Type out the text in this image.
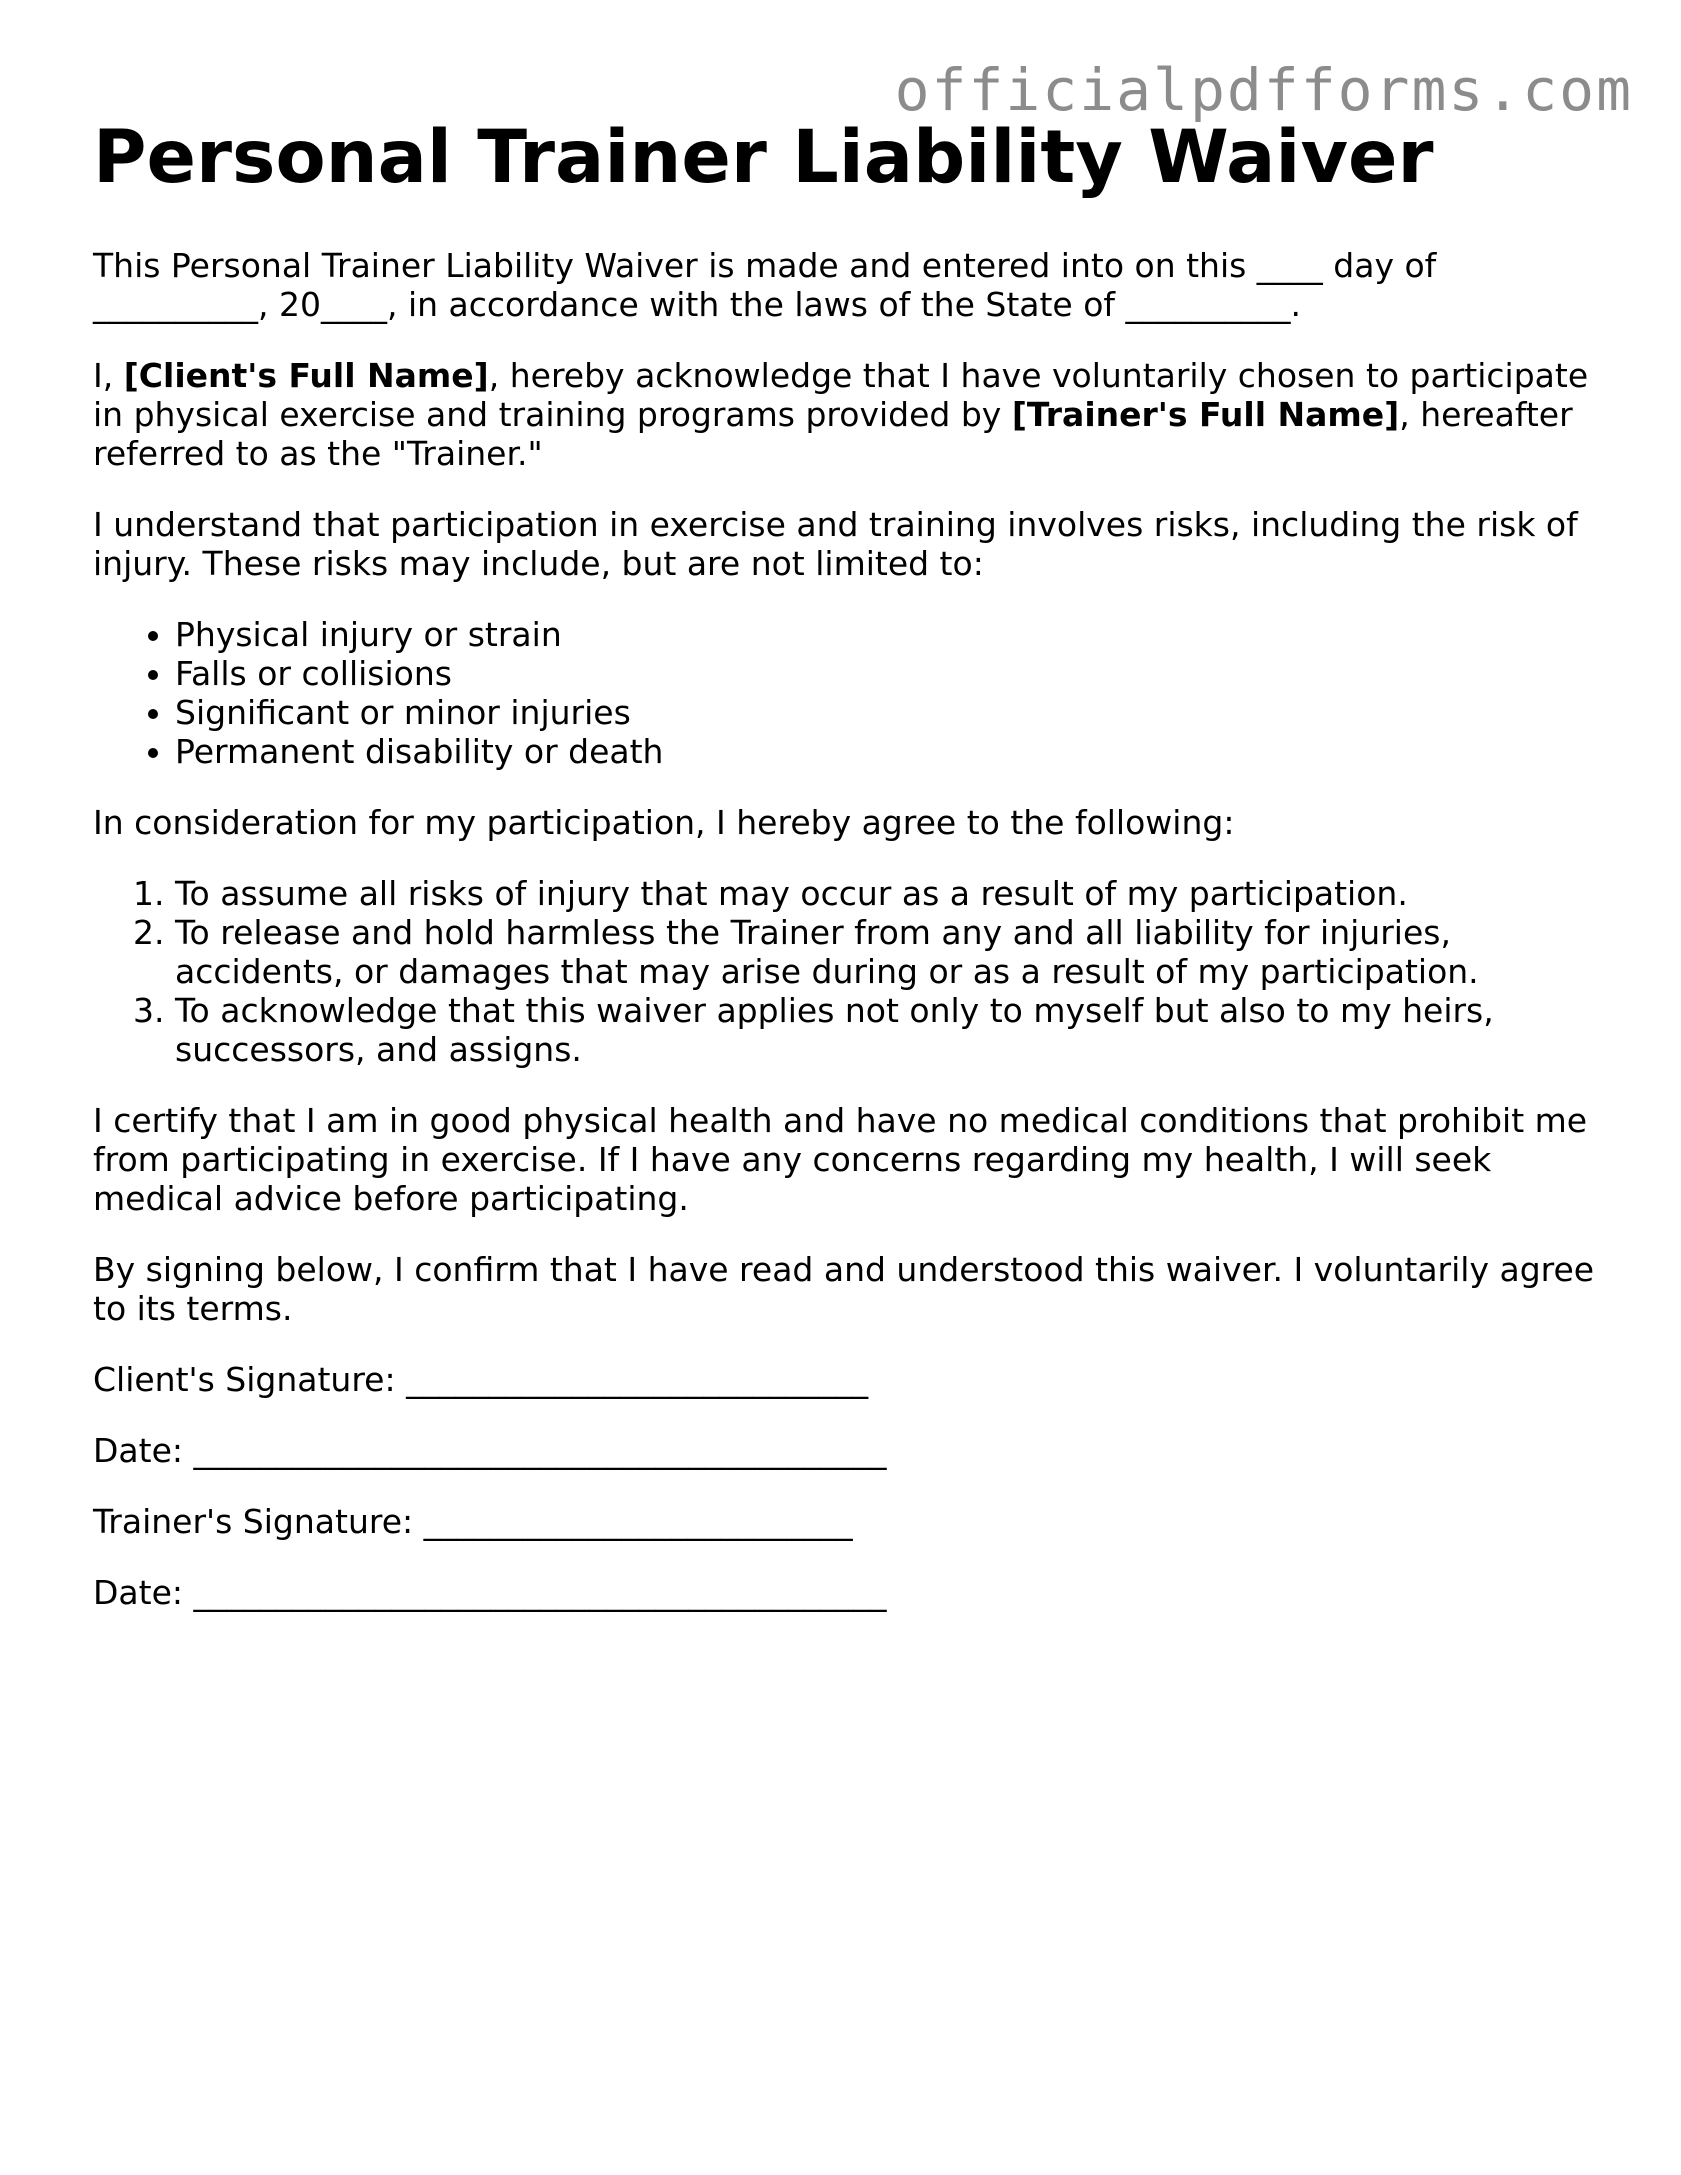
officialpdfforms.com
Personal Trainer Liability Waiver

This Personal Trainer Liability Waiver is made and entered into on this ____ day of __________, 20____, in accordance with the laws of the State of __________.

I, [Client's Full Name], hereby acknowledge that I have voluntarily chosen to participate in physical exercise and training programs provided by [Trainer's Full Name], hereafter referred to as the "Trainer."

I understand that participation in exercise and training involves risks, including the risk of injury. These risks may include, but are not limited to:

• Physical injury or strain
• Falls or collisions
• Significant or minor injuries
• Permanent disability or death

In consideration for my participation, I hereby agree to the following:

1. To assume all risks of injury that may occur as a result of my participation.
2. To release and hold harmless the Trainer from any and all liability for injuries, accidents, or damages that may arise during or as a result of my participation.
3. To acknowledge that this waiver applies not only to myself but also to my heirs, successors, and assigns.

I certify that I am in good physical health and have no medical conditions that prohibit me from participating in exercise. If I have any concerns regarding my health, I will seek medical advice before participating.

By signing below, I confirm that I have read and understood this waiver. I voluntarily agree to its terms.

Client's Signature: ____________________________
Date: __________________________________________
Trainer's Signature: __________________________
Date: __________________________________________
